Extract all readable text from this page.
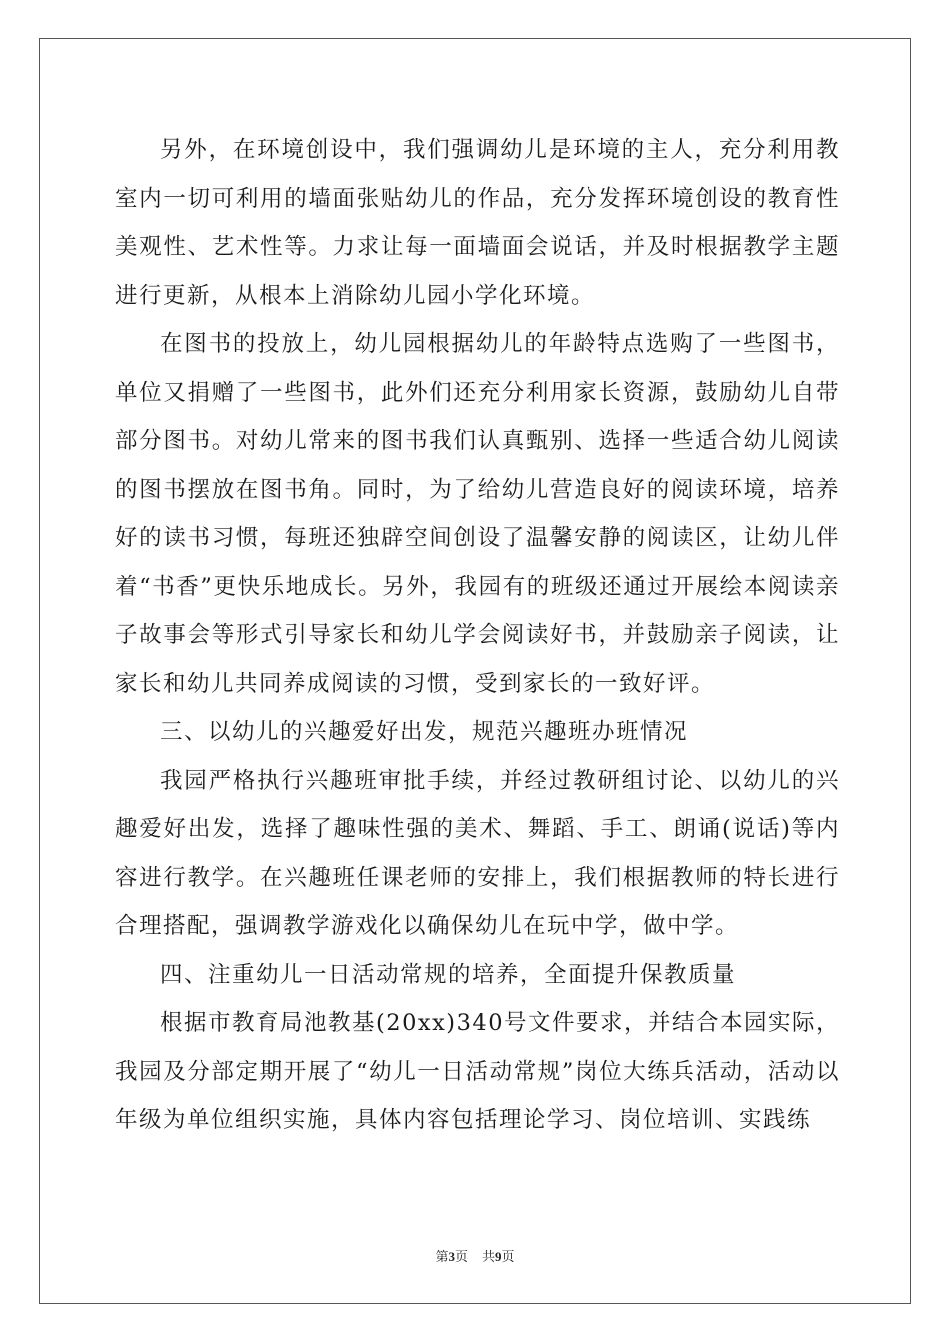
另外，在环境创设中，我们强调幼儿是环境的主人，充分利用教室内一切可利用的墙面张贴幼儿的作品，充分发挥环境创设的教育性美观性、艺术性等。力求让每一面墙面会说话，并及时根据教学主题进行更新，从根本上消除幼儿园小学化环境。

在图书的投放上，幼儿园根据幼儿的年龄特点选购了一些图书，单位又捐赠了一些图书，此外们还充分利用家长资源，鼓励幼儿自带部分图书。对幼儿常来的图书我们认真甄别、选择一些适合幼儿阅读的图书摆放在图书角。同时，为了给幼儿营造良好的阅读环境，培养好的读书习惯，每班还独辟空间创设了温馨安静的阅读区，让幼儿伴着“书香”更快乐地成长。另外，我园有的班级还通过开展绘本阅读亲子故事会等形式引导家长和幼儿学会阅读好书，并鼓励亲子阅读，让家长和幼儿共同养成阅读的习惯，受到家长的一致好评。

三、以幼儿的兴趣爱好出发，规范兴趣班办班情况

我园严格执行兴趣班审批手续，并经过教研组讨论、以幼儿的兴趣爱好出发，选择了趣味性强的美术、舞蹈、手工、朗诵(说话)等内容进行教学。在兴趣班任课老师的安排上，我们根据教师的特长进行合理搭配，强调教学游戏化以确保幼儿在玩中学，做中学。

四、注重幼儿一日活动常规的培养，全面提升保教质量

根据市教育局池教基(20xx)340号文件要求，并结合本园实际，我园及分部定期开展了“幼儿一日活动常规”岗位大练兵活动，活动以年级为单位组织实施，具体内容包括理论学习、岗位培训、实践练

第3页 共9页
